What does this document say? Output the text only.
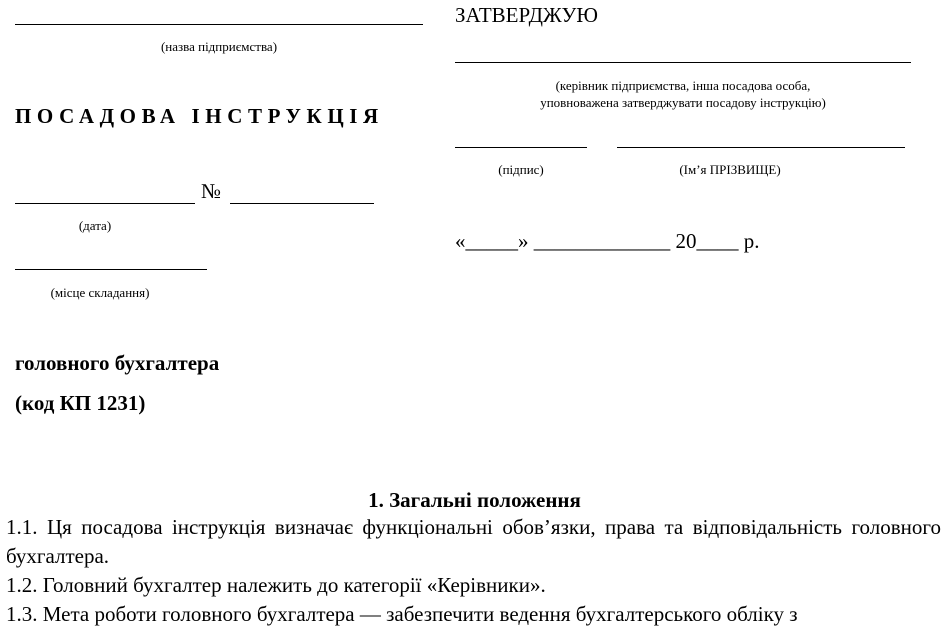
(назва підприємства)
ПОСАДОВА ІНСТРУКЦІЯ
№
(дата)
(місце складання)
ЗАТВЕРДЖУЮ
(керівник підприємства, інша посадова особа,
уповноважена затверджувати посадову інструкцію)
(підпис)	(Ім’я ПРІЗВИЩЕ)
«_____» _____________ 20____ р.
головного бухгалтера
(код КП 1231)
1. Загальні положення

1.1. Ця посадова інструкція визначає функціональні обов’язки, права та відповідальність головного бухгалтера.

1.2. Головний бухгалтер належить до категорії «Керівники».

1.3. Мета роботи головного бухгалтера — забезпечити ведення бухгалтерського обліку з
